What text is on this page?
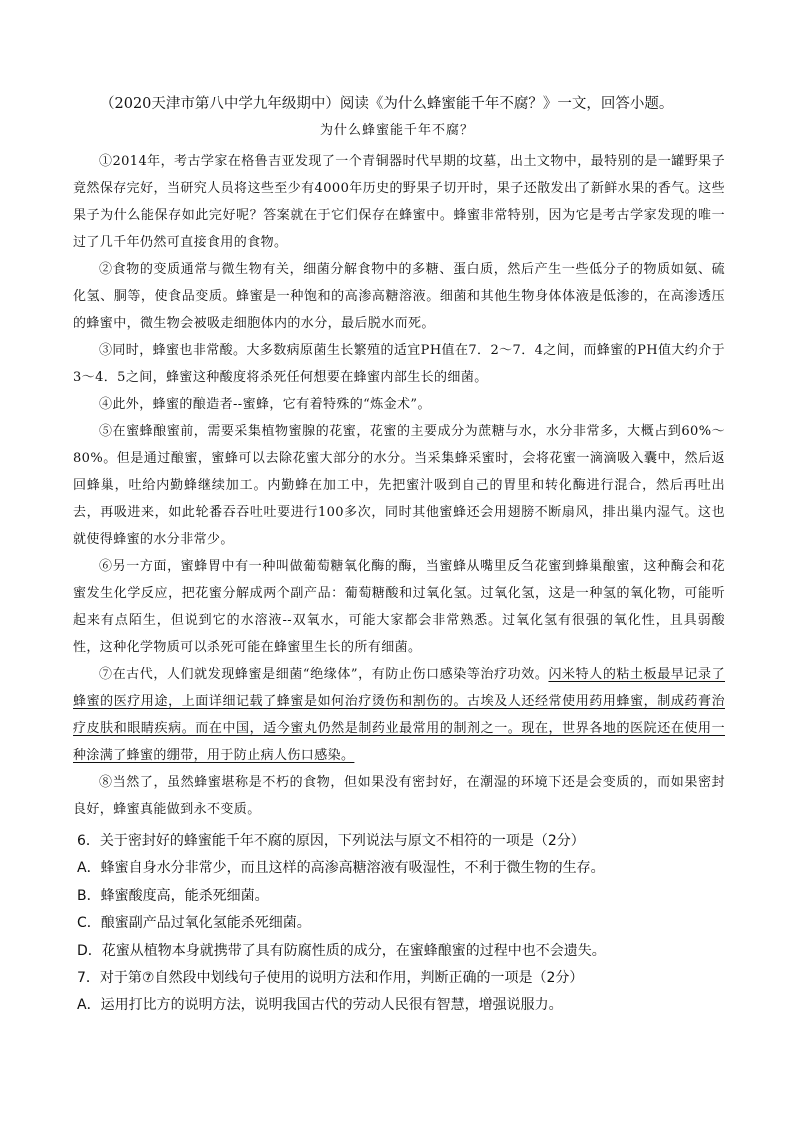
（2020天津市第八中学九年级期中）阅读《为什么蜂蜜能千年不腐？》一文，回答小题。
为什么蜂蜜能千年不腐？

①2014年，考古学家在格鲁吉亚发现了一个青铜器时代早期的坟墓，出土文物中，最特别的是一罐野果子竟然保存完好，当研究人员将这些至少有4000年历史的野果子切开时，果子还散发出了新鲜水果的香气。这些果子为什么能保存如此完好呢？答案就在于它们保存在蜂蜜中。蜂蜜非常特别，因为它是考古学家发现的唯一过了几千年仍然可直接食用的食物。

②食物的变质通常与微生物有关，细菌分解食物中的多糖、蛋白质，然后产生一些低分子的物质如氨、硫化氢、胴等，使食品变质。蜂蜜是一种饱和的高渗高糖溶液。细菌和其他生物身体体液是低渗的，在高渗透压的蜂蜜中，微生物会被吸走细胞体内的水分，最后脱水而死。

③同时，蜂蜜也非常酸。大多数病原菌生长繁殖的适宜PH值在7．2～7．4之间，而蜂蜜的PH值大约介于3～4．5之间，蜂蜜这种酸度将杀死任何想要在蜂蜜内部生长的细菌。

④此外，蜂蜜的酿造者--蜜蜂，它有着特殊的“炼金术”。

⑤在蜜蜂酿蜜前，需要采集植物蜜腺的花蜜，花蜜的主要成分为蔗糖与水，水分非常多，大概占到60%～80%。但是通过酿蜜，蜜蜂可以去除花蜜大部分的水分。当采集蜂采蜜时，会将花蜜一滴滴吸入囊中，然后返回蜂巢，吐给内勤蜂继续加工。内勤蜂在加工中，先把蜜汁吸到自己的胃里和转化酶进行混合，然后再吐出去，再吸进来，如此轮番吞吞吐吐要进行100多次，同时其他蜜蜂还会用翅膀不断扇风，排出巢内湿气。这也就使得蜂蜜的水分非常少。

⑥另一方面，蜜蜂胃中有一种叫做葡萄糖氧化酶的酶，当蜜蜂从嘴里反刍花蜜到蜂巢酿蜜，这种酶会和花蜜发生化学反应，把花蜜分解成两个副产品：葡萄糖酸和过氧化氢。过氧化氢，这是一种氢的氧化物，可能听起来有点陌生，但说到它的水溶液--双氧水，可能大家都会非常熟悉。过氧化氢有很强的氧化性，且具弱酸性，这种化学物质可以杀死可能在蜂蜜里生长的所有细菌。

⑦在古代，人们就发现蜂蜜是细菌“绝缘体”，有防止伤口感染等治疗功效。闪米特人的粘土板最早记录了蜂蜜的医疗用途，上面详细记载了蜂蜜是如何治疗烫伤和割伤的。古埃及人还经常使用药用蜂蜜，制成药膏治疗皮肤和眼睛疾病。而在中国，适今蜜丸仍然是制药业最常用的制剂之一。现在，世界各地的医院还在使用一种涂满了蜂蜜的绷带，用于防止病人伤口感染。

⑧当然了，虽然蜂蜜堪称是不朽的食物，但如果没有密封好，在潮湿的环境下还是会变质的，而如果密封良好，蜂蜜真能做到永不变质。

6．关于密封好的蜂蜜能千年不腐的原因，下列说法与原文不相符的一项是（2分）

A．蜂蜜自身水分非常少，而且这样的高渗高糖溶液有吸湿性，不利于微生物的生存。

B．蜂蜜酸度高，能杀死细菌。

C．酿蜜副产品过氧化氢能杀死细菌。

D．花蜜从植物本身就携带了具有防腐性质的成分，在蜜蜂酿蜜的过程中也不会遗失。

7．对于第⑦自然段中划线句子使用的说明方法和作用，判断正确的一项是（2分）

A．运用打比方的说明方法，说明我国古代的劳动人民很有智慧，增强说服力。
